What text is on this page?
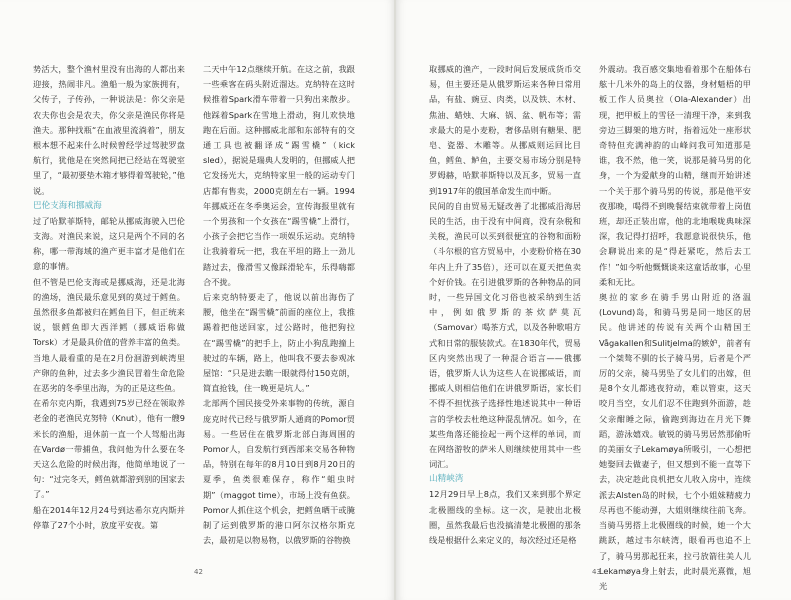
势活大，整个渔村里没有出海的人都出来迎接，热闹非凡。渔船一般为家族拥有，父传子，子传孙，一种说法是：你父亲是农夫你也会是农夫，你父亲是渔民你将是渔夫。那种找瓶“在血液里流淌着”，朋友根本想不起来什么时候曾经学过驾驶罗盘航行，犹他是在突然间把已经站在驾驶室里了，“最初要垫木箱才够得着驾驶轮，”他说。

巴伦支海和挪威海

过了哈默菲斯特，邮轮从挪威海驶入巴伦支海。对渔民来说，这只是两个不同的名称，哪一带海域的渔产更丰富才是他们在意的事情。

但不管是巴伦支海或是挪威海，还是北海的渔场，渔民最乐意见到的莫过于鳕鱼。虽然很多鱼都被归在鳕鱼目下，但正统来说，银鳕鱼即大西洋鳕（挪威语称做Torsk）才是最具价值的营养丰富的鱼类。当地人最看重的是在2月份洄游到峡湾里产卵的鱼种，过去多少渔民冒着生命危险在恶劣的冬季里出海，为的正是这些鱼。

在希尔克内斯，我遇到75岁已经在领取养老金的老渔民克努特（Knut），他有一艘9米长的渔船，退休前一直一个人驾船出海在Vardø一带捕鱼，我问他为什么要在冬天这么危险的时候出海，他简单地说了一句：“过完冬天，鳕鱼就都游到别的国家去了。”

船在2014年12月24号到达希尔克内斯并停靠了27个小时，放度平安夜。第

二天中午12点继续开航。在这之前，我跟一些乘客在码头附近溜达。克纳特在这时候推着Spark滑车带着一只狗出来散步。他踩着Spark在雪地上滑动，狗儿欢快地跑在后面。这种挪威北部和东部特有的交通工具也被翻译成“踢雪橇”（kick sled），据说是瑞典人发明的，但挪威人把它发扬光大，克纳特家里一般的运动专门店都有售卖，2000克朗左右一辆。1994年挪威还在冬季奥运会，宣传海报里就有一个男孩和一个女孩在“踢雪橇”上滑行，小孩子会把它当作一项娱乐运动。克纳特让我骑着玩一把，我在平坦的路上一劲儿踏过去，像滑雪又像踩滑轮车，乐得嗨都合不拢。

后来克纳特要走了，他说以前出海伤了腰，他坐在“踢雪橇”前面的座位上，我推踢着把他送回家，过公路时，他把狗拉在“踢雪橇”的把手上，防止小狗乱跑撞上驶过的车辆，路上，他叫我不要去参观冰屋馆：“只是进去瞧一眼就得付150克朗，简直抢钱，住一晚更是坑人。”

北部两个国民接受外来事物的传统，源自庞克时代已经与俄罗斯人通商的Pomor贸易。一些居住在俄罗斯北部白海周围的Pomor人，自发航行到西部来交易各种物品，特别在每年的8月10日到8月20日的夏季，鱼类很难保存，称作“蛆虫时期”（maggot time），市场上没有鱼获。Pomor人抓住这个机会，把鳕鱼晒干或腌制了运到俄罗斯的港口阿尔汉格尔斯克去，最初是以物易物，以俄罗斯的谷物换

42

取挪威的渔产，一段时间后发展成货币交易，但主要还是从俄罗斯运来各种日常用品，有盐、豌豆、肉类，以及铁、木材、焦油、蜡烛、大麻、锅、盆、帆布等；需求最大的是小麦粉，奢侈品则有糖果、肥皂、瓷器、木雕等。从挪威则运回比目鱼，鳕鱼、鲈鱼，主要交易市场分别是特罗姆赫，哈默菲斯特以及瓦多，贸易一直到1917年的俄国革命发生而中断。

民间的自由贸易无疑改善了北挪威沿海居民的生活，由于没有中间商，没有杂税和关税，渔民可以买到很便宜的谷物和面粉（斗尔根的官方贸易中，小麦粉价格在30年内上升了35倍），还可以在夏天把鱼卖个好价钱。在引进俄罗斯的各种物品的同时，一些异国文化习俗也被采纳到生活中，例如俄罗斯的茶炊萨莫瓦（Samovar）喝茶方式，以及各种歌唱方式和日常的服装款式。在1830年代，贸易区内突然出现了一种混合语言——俄挪语，俄罗斯人认为这些人在说挪威语，而挪威人则相信他们在讲俄罗斯语，家长们不得不担忧孩子选择性地述说其中一种语言的学校去杜绝这种混乱情况。如今，在某些角落还能捡起一两个这样的单词，而在网络游牧的萨米人则继续使用其中一些词汇。

山精峡湾

12月29日早上8点，我们又来到那个界定北极圈线的坐标。这一次，是驶出北极圈，虽然我最后也没搞清楚北极圈的那条线是根据什么来定义的，每次经过还是格

外震动。我百感交集地看着那个在船体右舷十几米外的岛上的仪器，身材魁梧的甲板工作人员奥拉（Ola-Alexander）出现，把甲板上的雪径一清理干净，来到我旁边三脚架的地方时，指着远处一座形状奇特但充满神韵的山峰问我可知道那是谁，我不然，他一笑，说那是骑马男的化身，一个为爱献身的山精，继而开始讲述一个关于那个骑马男的传说，那是他平安夜那晚，喝得不到晚餐结束就带着上岗值班，却还正装出席，他的北地喉咙典味深深，我记得打招呼，我愿意说很快乐，他会聊说出来的是“得赶紧吃，然后去工作！”如今听他慨慨谈来这童话故事，心里柔和无比。

奥拉的家乡在骑手男山附近的洛温(Lovund)岛，和骑马男是同一地区的居民。他讲述的传说有关两个山精国王Vågakallen和Sulitjelma的嫉妒，前者有一个桀骜不驯的长子骑马男，后者是个严厉的父亲，骑马男坠了女儿们的出嫁，但是8个女儿都逃夜狩动，难以管束，这天咬月当空，女儿们忍不住跑到外面游，趁父亲酣睡之际，偷跑到海边在月光下舞蹈，游泳嬉戏。敏锐的骑马男居然那偷听的美丽女子Lekamøya所吸引，一心想把她娶回去做妻子，但又想到不能一直等下去，决定趁此良机把女儿收入房中，连续派去Alsten岛的时候，七个小姐妹精疲力尽再也不能动弹，大姐则继续往前飞奔。当骑马男搭上北极圈线的时候，她一个大跳跃，越过韦尔峡湾，眼看再也追不上了，骑马男那起狂来，拉弓放箭往美人儿Lekamøya身上射去，此时晨光熹微，旭光

43
